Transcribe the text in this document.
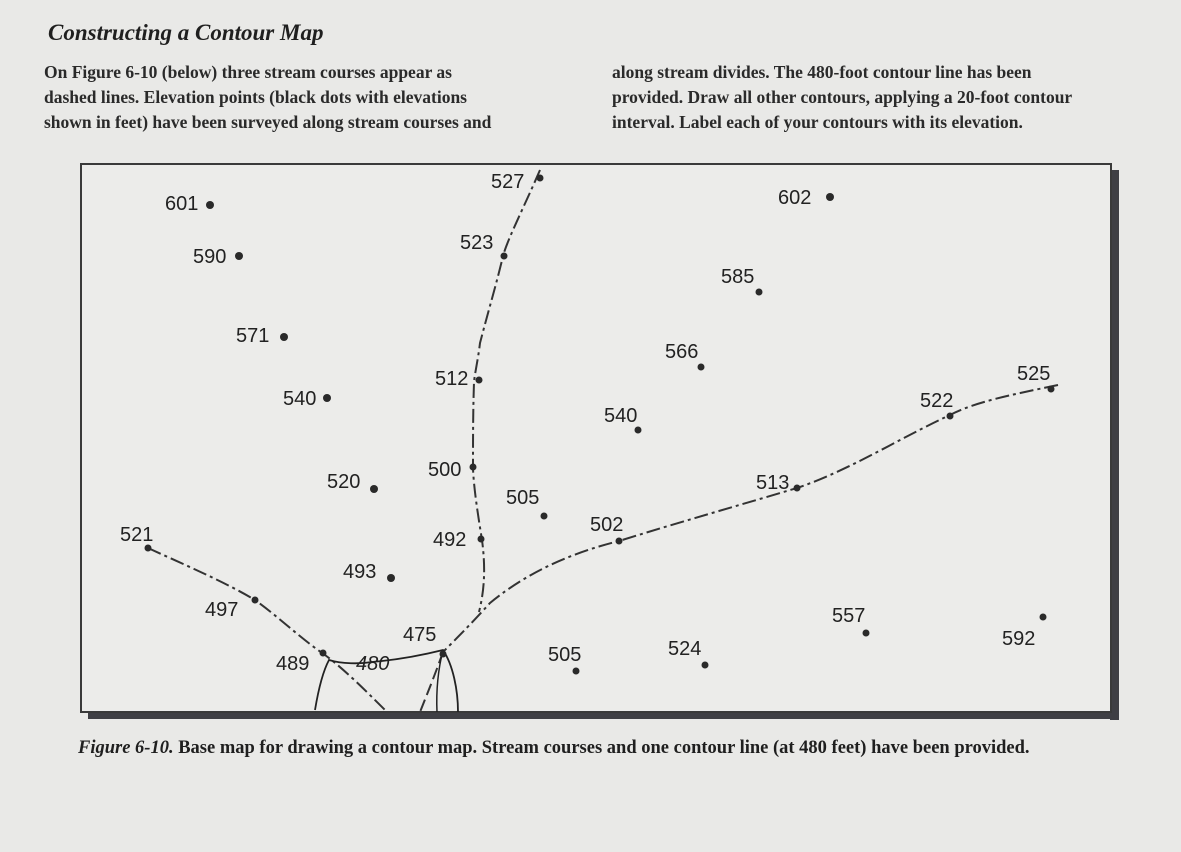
Constructing a Contour Map

On Figure 6-10 (below) three stream courses appear as
dashed lines. Elevation points (black dots with elevations
shown in feet) have been surveyed along stream courses and

along stream divides. The 480-foot contour line has been
provided. Draw all other contours, applying a 20-foot contour
interval. Label each of your contours with its elevation.

480
601
590
571
540
520
493
527
523
512
500
492
505
540
502
566
585
602
513
522
525
521
497
489
475
505	524
557
592

Figure 6-10. Base map for drawing a contour map. Stream courses and one contour line (at 480 feet) have been provided.
